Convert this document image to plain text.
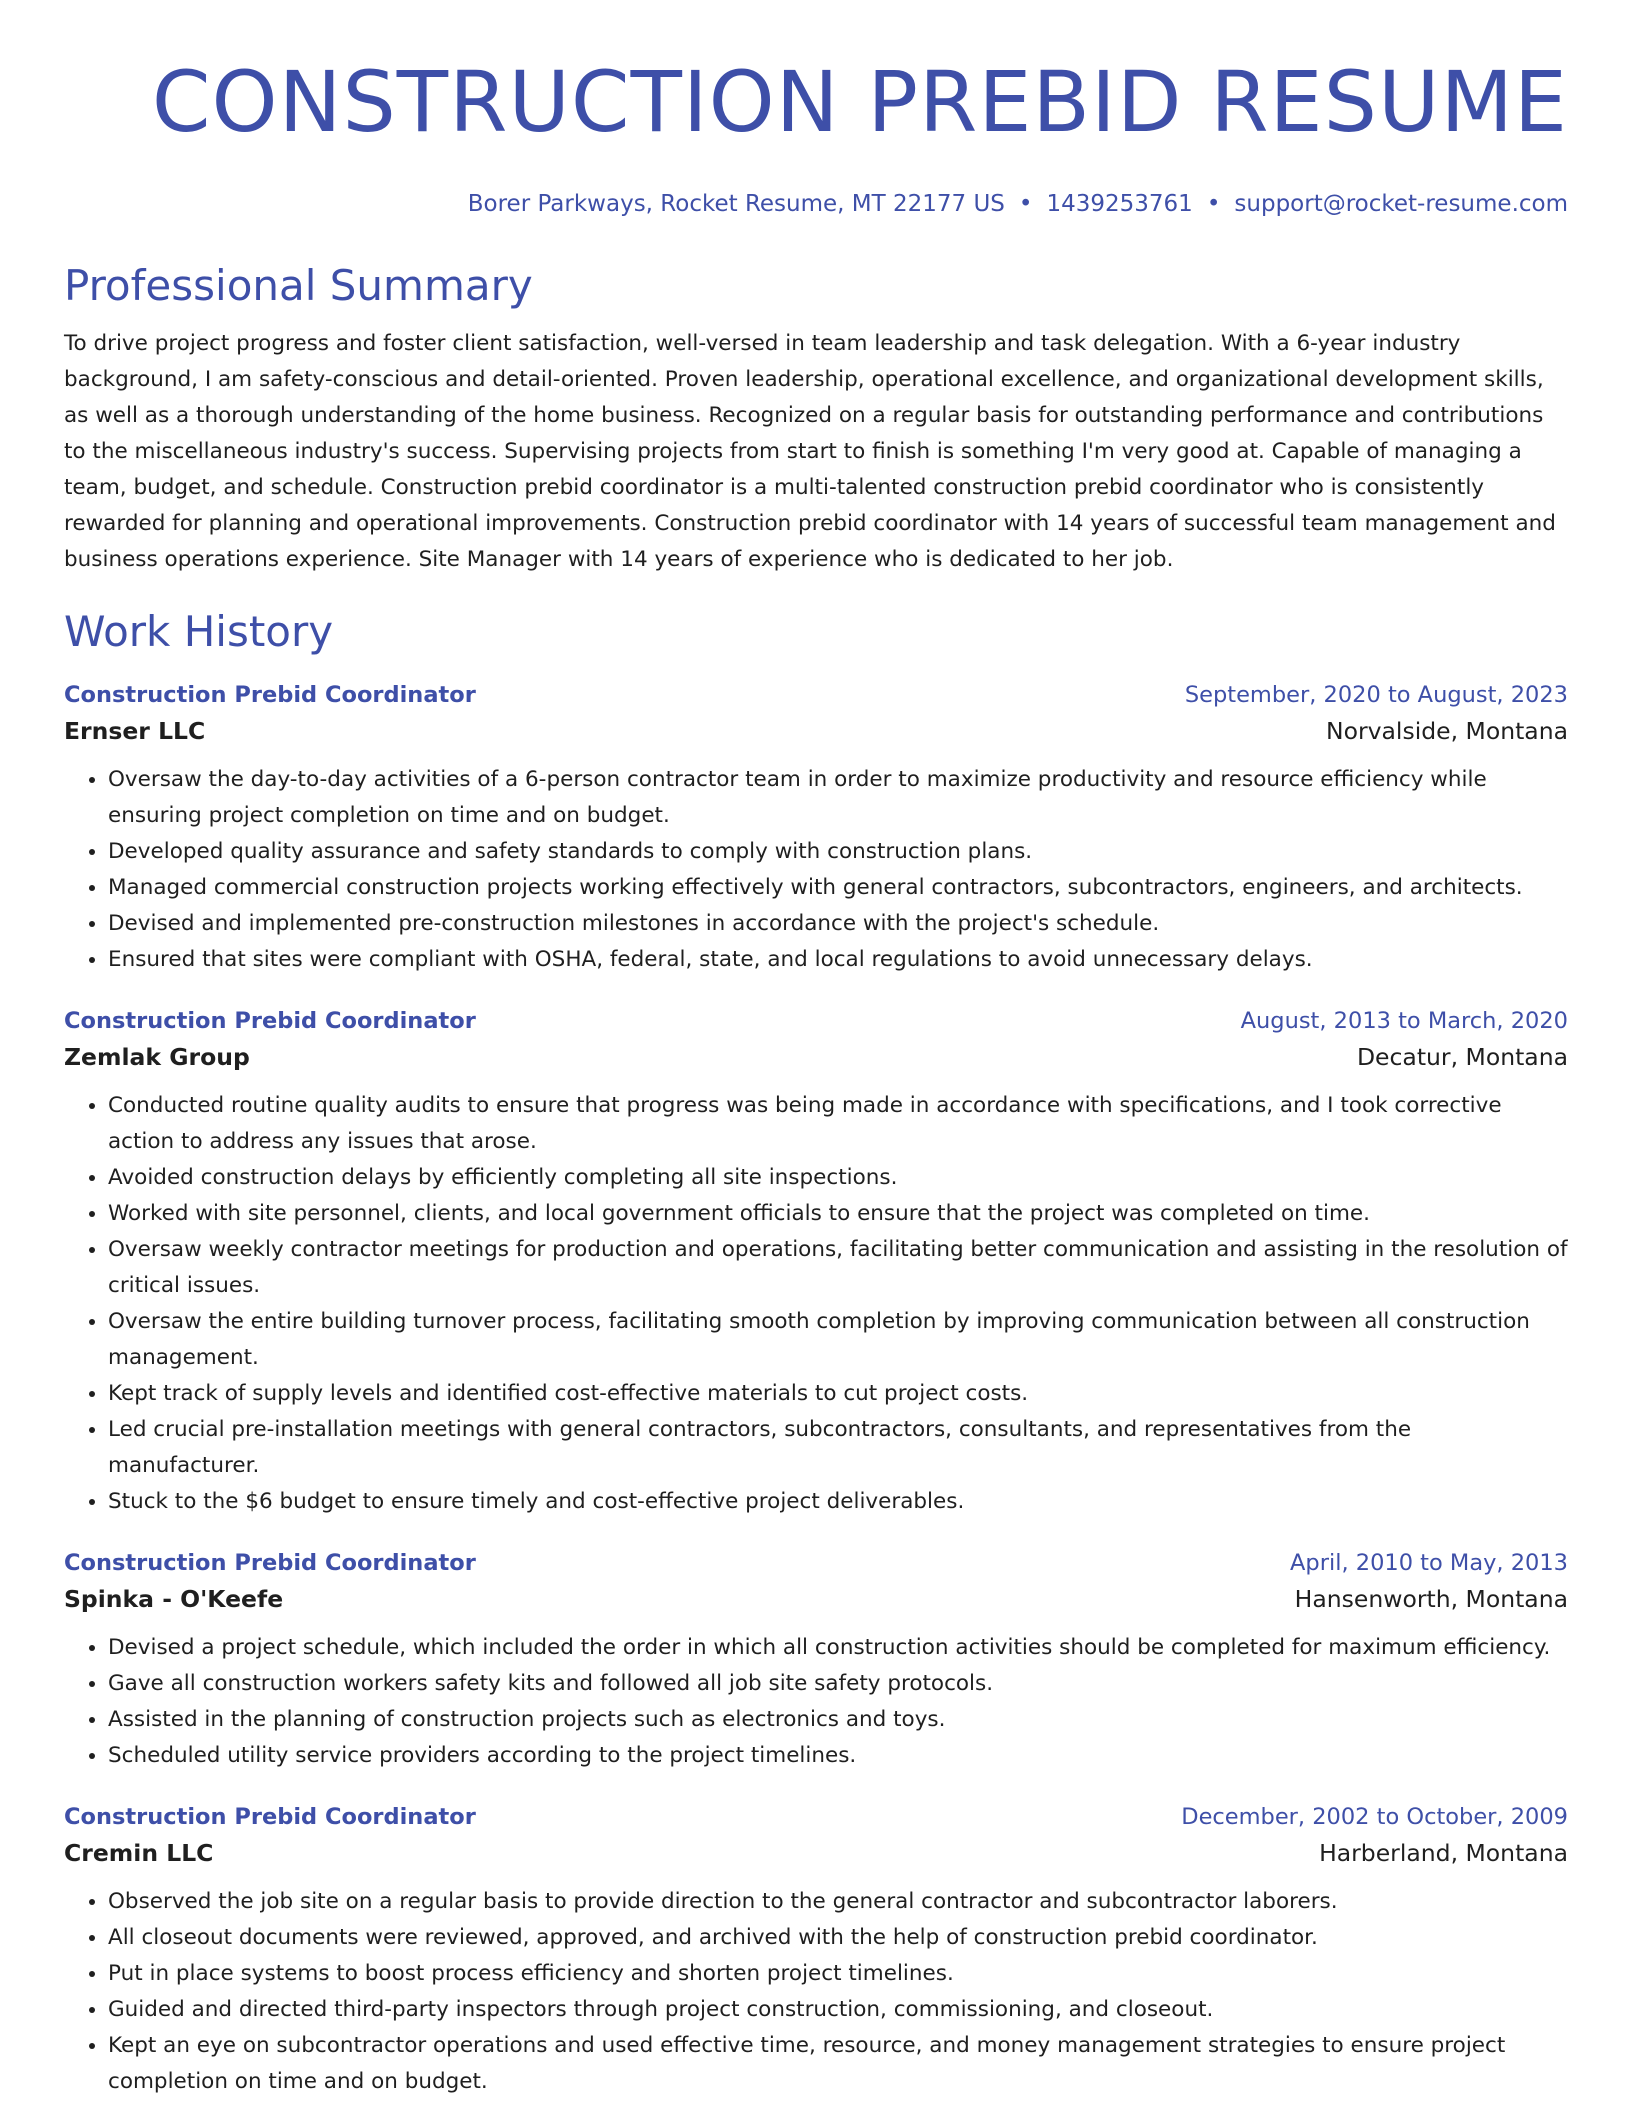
CONSTRUCTION PREBID RESUME
Borer Parkways, Rocket Resume, MT 22177 US • 1439253761 • support@rocket-resume.com
Professional Summary

To drive project progress and foster client satisfaction, well-versed in team leadership and task delegation. With a 6-year industry background, I am safety-conscious and detail-oriented. Proven leadership, operational excellence, and organizational development skills, as well as a thorough understanding of the home business. Recognized on a regular basis for outstanding performance and contributions to the miscellaneous industry's success. Supervising projects from start to finish is something I'm very good at. Capable of managing a team, budget, and schedule. Construction prebid coordinator is a multi-talented construction prebid coordinator who is consistently rewarded for planning and operational improvements. Construction prebid coordinator with 14 years of successful team management and business operations experience. Site Manager with 14 years of experience who is dedicated to her job.

Work History
Construction Prebid Coordinator	September, 2020 to August, 2023
Ernser LLC	Norvalside, Montana
• Oversaw the day-to-day activities of a 6-person contractor team in order to maximize productivity and resource efficiency while ensuring project completion on time and on budget.
• Developed quality assurance and safety standards to comply with construction plans.
• Managed commercial construction projects working effectively with general contractors, subcontractors, engineers, and architects.
• Devised and implemented pre-construction milestones in accordance with the project's schedule.
• Ensured that sites were compliant with OSHA, federal, state, and local regulations to avoid unnecessary delays.
Construction Prebid Coordinator	August, 2013 to March, 2020
Zemlak Group	Decatur, Montana
• Conducted routine quality audits to ensure that progress was being made in accordance with specifications, and I took corrective action to address any issues that arose.
• Avoided construction delays by efficiently completing all site inspections.
• Worked with site personnel, clients, and local government officials to ensure that the project was completed on time.
• Oversaw weekly contractor meetings for production and operations, facilitating better communication and assisting in the resolution of critical issues.
• Oversaw the entire building turnover process, facilitating smooth completion by improving communication between all construction management.
• Kept track of supply levels and identified cost-effective materials to cut project costs.
• Led crucial pre-installation meetings with general contractors, subcontractors, consultants, and representatives from the manufacturer.
• Stuck to the $6 budget to ensure timely and cost-effective project deliverables.
Construction Prebid Coordinator	April, 2010 to May, 2013
Spinka - O'Keefe	Hansenworth, Montana
• Devised a project schedule, which included the order in which all construction activities should be completed for maximum efficiency.
• Gave all construction workers safety kits and followed all job site safety protocols.
• Assisted in the planning of construction projects such as electronics and toys.
• Scheduled utility service providers according to the project timelines.
Construction Prebid Coordinator	December, 2002 to October, 2009
Cremin LLC	Harberland, Montana
• Observed the job site on a regular basis to provide direction to the general contractor and subcontractor laborers.
• All closeout documents were reviewed, approved, and archived with the help of construction prebid coordinator.
• Put in place systems to boost process efficiency and shorten project timelines.
• Guided and directed third-party inspectors through project construction, commissioning, and closeout.
• Kept an eye on subcontractor operations and used effective time, resource, and money management strategies to ensure project completion on time and on budget.
